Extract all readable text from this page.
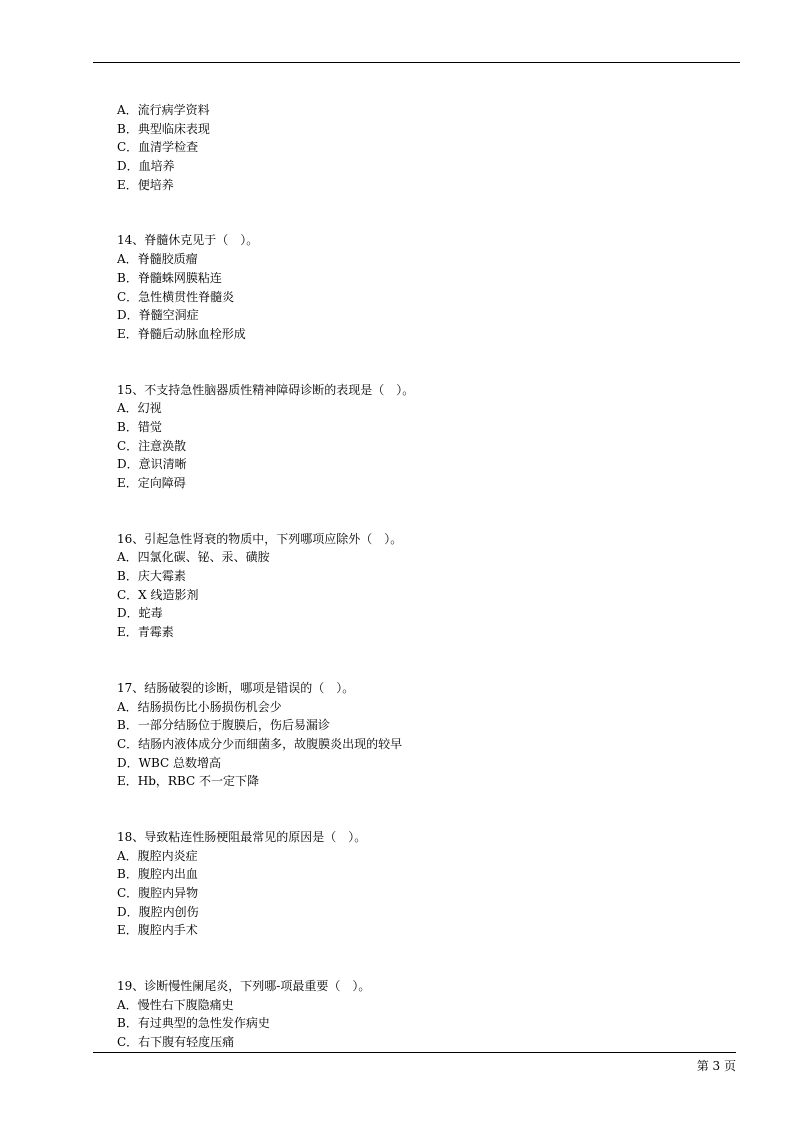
A．流行病学资料
B．典型临床表现
C．血清学检查
D．血培养
E．便培养
14、脊髓休克见于（　）。
A．脊髓胶质瘤
B．脊髓蛛网膜粘连
C．急性横贯性脊髓炎
D．脊髓空洞症
E．脊髓后动脉血栓形成
15、不支持急性脑器质性精神障碍诊断的表现是（　）。
A．幻视
B．错觉
C．注意涣散
D．意识清晰
E．定向障碍
16、引起急性肾衰的物质中，下列哪项应除外（　）。
A．四氯化碳、铋、汞、磺胺
B．庆大霉素
C．X 线造影剂
D．蛇毒
E．青霉素
17、结肠破裂的诊断，哪项是错误的（　）。
A．结肠损伤比小肠损伤机会少
B．一部分结肠位于腹膜后，伤后易漏诊
C．结肠内液体成分少而细菌多，故腹膜炎出现的较早
D．WBC 总数增高
E．Hb，RBC 不一定下降
18、导致粘连性肠梗阻最常见的原因是（　）。
A．腹腔内炎症
B．腹腔内出血
C．腹腔内异物
D．腹腔内创伤
E．腹腔内手术
19、诊断慢性阑尾炎，下列哪-项最重要（　）。
A．慢性右下腹隐痛史
B．有过典型的急性发作病史
C．右下腹有轻度压痛
第 3 页
